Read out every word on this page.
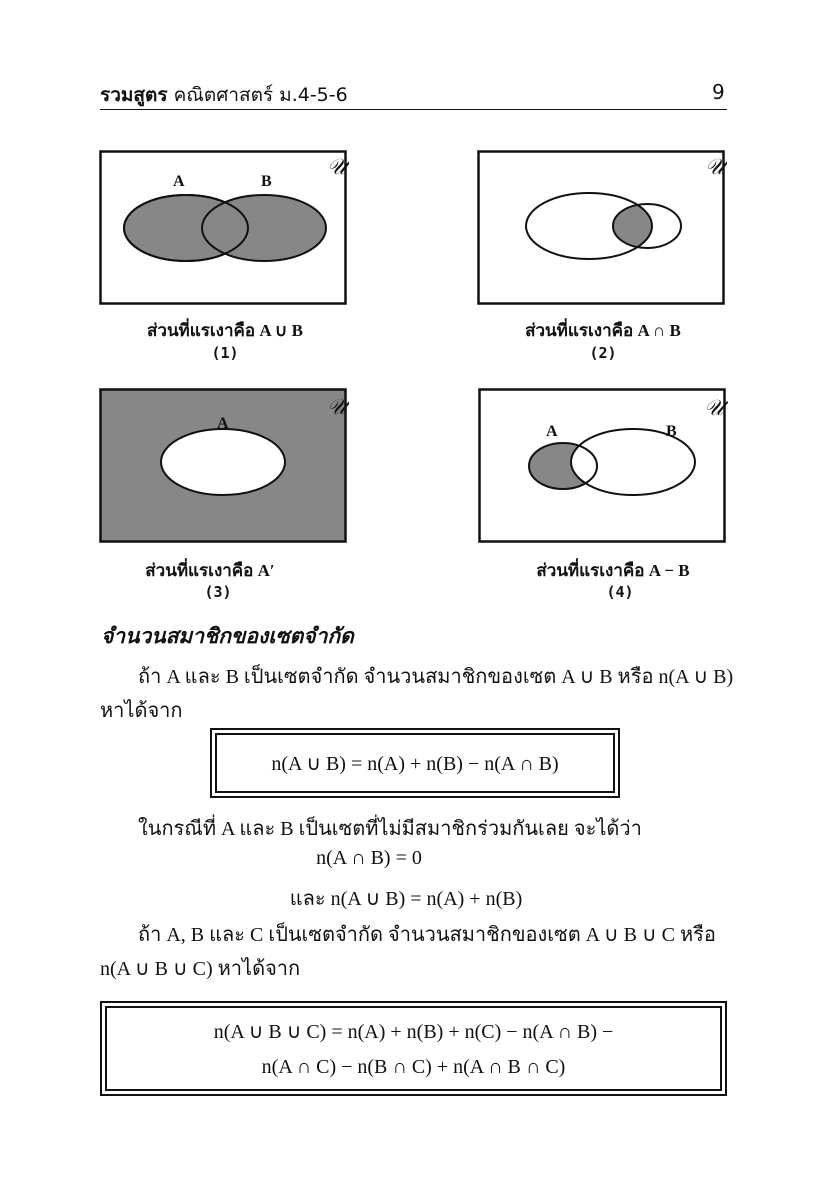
รวมสูตร คณิตศาสตร์ ม.4-5-6	9
𝒰
A	B
ส่วนที่แรเงาคือ A ∪ B
(1)
𝒰
ส่วนที่แรเงาคือ A ∩ B
(2)
𝒰
A
ส่วนที่แรเงาคือ A′
(3)
𝒰
A	B
ส่วนที่แรเงาคือ A − B
(4)
จำนวนสมาชิกของเซตจำกัด
ถ้า A และ B เป็นเซตจำกัด จำนวนสมาชิกของเซต A ∪ B หรือ n(A ∪ B)
หาได้จาก
n(A ∪ B) = n(A) + n(B) − n(A ∩ B)
ในกรณีที่ A และ B เป็นเซตที่ไม่มีสมาชิกร่วมกันเลย จะได้ว่า
n(A ∩ B) = 0
และ n(A ∪ B) = n(A) + n(B)
ถ้า A, B และ C เป็นเซตจำกัด จำนวนสมาชิกของเซต A ∪ B ∪ C หรือ
n(A ∪ B ∪ C) หาได้จาก
n(A ∪ B ∪ C) = n(A) + n(B) + n(C) − n(A ∩ B) −
n(A ∩ C) − n(B ∩ C) + n(A ∩ B ∩ C)
